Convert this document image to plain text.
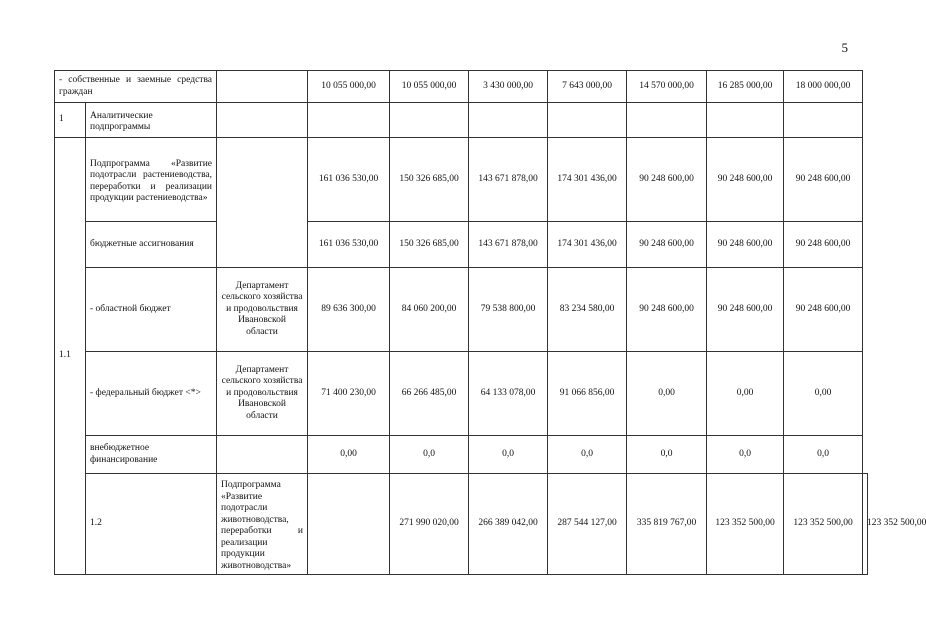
5
- собственные и заемные средства граждан			10 055 000,00	10 055 000,00	3 430 000,00	7 643 000,00	14 570 000,00	16 285 000,00	18 000 000,00	
1	Аналитические подпрограммы									
1.1	Подпрограмма «Развитие подотрасли растениеводства, переработки и реализации продукции растениеводства»		161 036 530,00	150 326 685,00	143 671 878,00	174 301 436,00	90 248 600,00	90 248 600,00	90 248 600,00	
	бюджетные ассигнования		161 036 530,00	150 326 685,00	143 671 878,00	174 301 436,00	90 248 600,00	90 248 600,00	90 248 600,00	
	- областной бюджет	Департамент сельского хозяйства и продовольствия Ивановской области	89 636 300,00	84 060 200,00	79 538 800,00	83 234 580,00	90 248 600,00	90 248 600,00	90 248 600,00	
	- федеральный бюджет <*>	Департамент сельского хозяйства и продовольствия Ивановской области	71 400 230,00	66 266 485,00	64 133 078,00	91 066 856,00	0,00	0,00	0,00	
	внебюджетное финансирование		0,00	0,0	0,0	0,0	0,0	0,0	0,0	
	1.2	Подпрограмма «Развитие подотрасли животноводства, переработки и реализации продукции животноводства»		271 990 020,00	266 389 042,00	287 544 127,00	335 819 767,00	123 352 500,00	123 352 500,00	123 352 500,00
